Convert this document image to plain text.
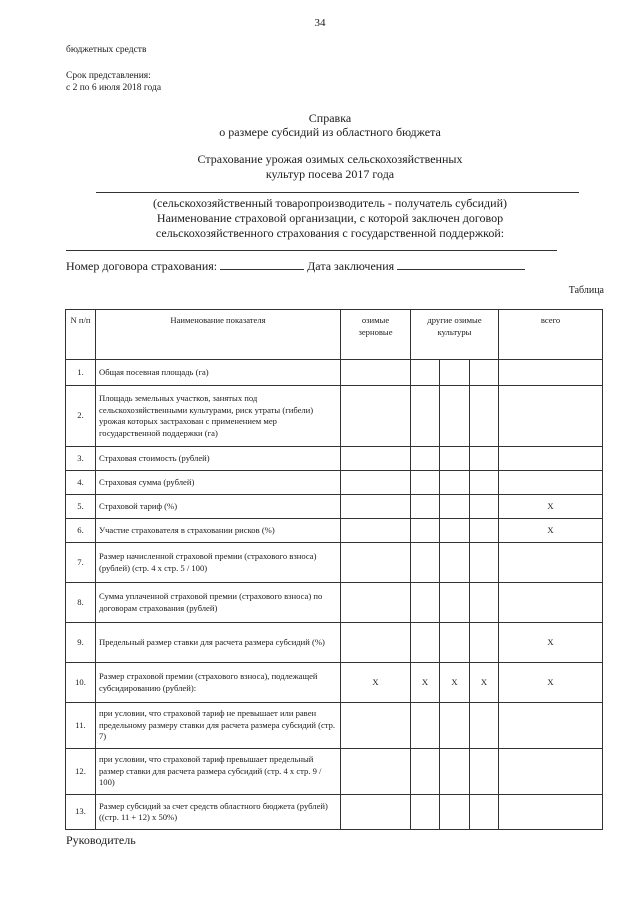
34
бюджетных средств
Срок представления:
с 2 по 6 июля 2018 года
Справка
о размере субсидий из областного бюджета
Страхование урожая озимых сельскохозяйственных
культур посева 2017 года
(сельскохозяйственный товаропроизводитель - получатель субсидий)
Наименование страховой организации, с которой заключен договор
сельскохозяйственного страхования с государственной поддержкой:
Номер договора страхования:	Дата заключения
Таблица
N п/п	Наименование показателя	озимые зерновые	другие озимые культуры			всего
1.	Общая посевная площадь (га)					
2.	Площадь земельных участков, занятых под сельскохозяйственными культурами, риск утраты (гибели) урожая которых застрахован с применением мер государственной поддержки (га)					
3.	Страховая стоимость (рублей)					
4.	Страховая сумма (рублей)					
5.	Страховой тариф (%)					X
6.	Участие страхователя в страховании рисков (%)					X
7.	Размер начисленной страховой премии (страхового взноса) (рублей) (стр. 4 x стр. 5 / 100)					
8.	Сумма уплаченной страховой премии (страхового взноса) по договорам страхования (рублей)					
9.	Предельный размер ставки для расчета размера субсидий (%)					X
10.	Размер страховой премии (страхового взноса), подлежащей субсидированию (рублей):	X	X	X	X	X
11.	при условии, что страховой тариф не превышает или равен предельному размеру ставки для расчета размера субсидий (стр. 7)					
12.	при условии, что страховой тариф превышает предельный размер ставки для расчета размера субсидий (стр. 4 x стр. 9 / 100)					
13.	Размер субсидий за счет средств областного бюджета (рублей) ((стр. 11 + 12) x 50%)					
Руководитель
